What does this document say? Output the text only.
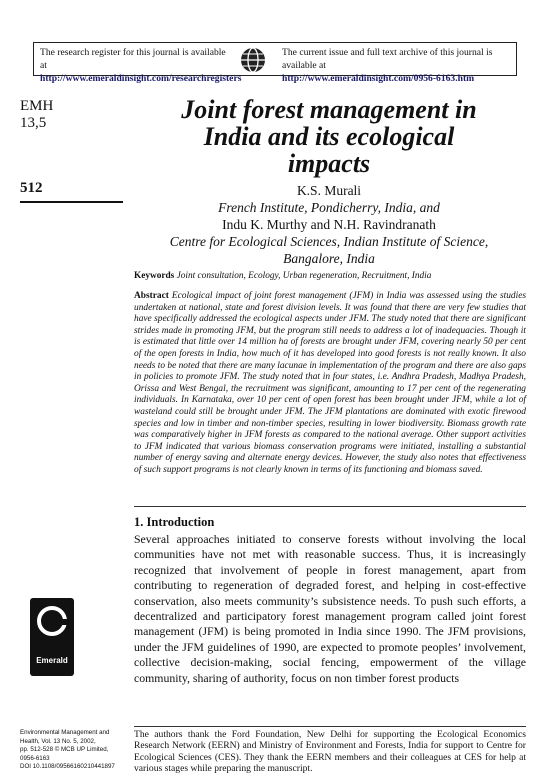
The research register for this journal is available at
http://www.emeraldinsight.com/researchregisters
The current issue and full text archive of this journal is available at
http://www.emeraldinsight.com/0956-6163.htm
EMH
13,5
512
Joint forest management in
India and its ecological
impacts
K.S. Murali
French Institute, Pondicherry, India, and
Indu K. Murthy and N.H. Ravindranath
Centre for Ecological Sciences, Indian Institute of Science,
Bangalore, India
Keywords Joint consultation, Ecology, Urban regeneration, Recruitment, India
Abstract Ecological impact of joint forest management (JFM) in India was assessed using the studies undertaken at national, state and forest division levels. It was found that there are very few studies that have specifically addressed the ecological aspects under JFM. The study noted that there are significant strides made in promoting JFM, but the program still needs to address a lot of inadequacies. Though it is estimated that little over 14 million ha of forests are brought under JFM, covering nearly 50 per cent of the open forests in India, how much of it has developed into good forests is not really known. It also needs to be noted that there are many lacunae in implementation of the program and there are also gaps in policies to promote JFM. The study noted that in four states, i.e. Andhra Pradesh, Madhya Pradesh, Orissa and West Bengal, the recruitment was significant, amounting to 17 per cent of the regenerating individuals. In Karnataka, over 10 per cent of open forest has been brought under JFM, while a lot of wasteland could still be brought under JFM. The JFM plantations are dominated with exotic firewood species and low in timber and non-timber species, resulting in lower biodiversity. Biomass growth rate was comparatively higher in JFM forests as compared to the national average. Other support activities to JFM indicated that various biomass conservation programs were initiated, installing a substantial number of energy saving and alternate energy devices. However, the study also notes that effectiveness of such support programs is not clearly known in terms of its functioning and biomass saved.
1. Introduction
Several approaches initiated to conserve forests without involving the local communities have not met with reasonable success. Thus, it is increasingly recognized that involvement of people in forest management, apart from contributing to regeneration of degraded forest, and helping in cost-effective conservation, also meets community’s subsistence needs. To push such efforts, a decentralized and participatory forest management program called joint forest management (JFM) is being promoted in India since 1990. The JFM provisions, under the JFM guidelines of 1990, are expected to promote peoples’ involvement, collective decision-making, social fencing, empowerment of the village community, sharing of authority, focus on non timber forest products
Emerald
Environmental Management and
Health, Vol. 13 No. 5, 2002,
pp. 512-528 © MCB UP Limited,
0956-6163
DOI 10.1108/09566160210441897
The authors thank the Ford Foundation, New Delhi for supporting the Ecological Economics Research Network (EERN) and Ministry of Environment and Forests, India for support to Centre for Ecological Sciences (CES). They thank the EERN members and their colleagues at CES for help at various stages while preparing the manuscript.
